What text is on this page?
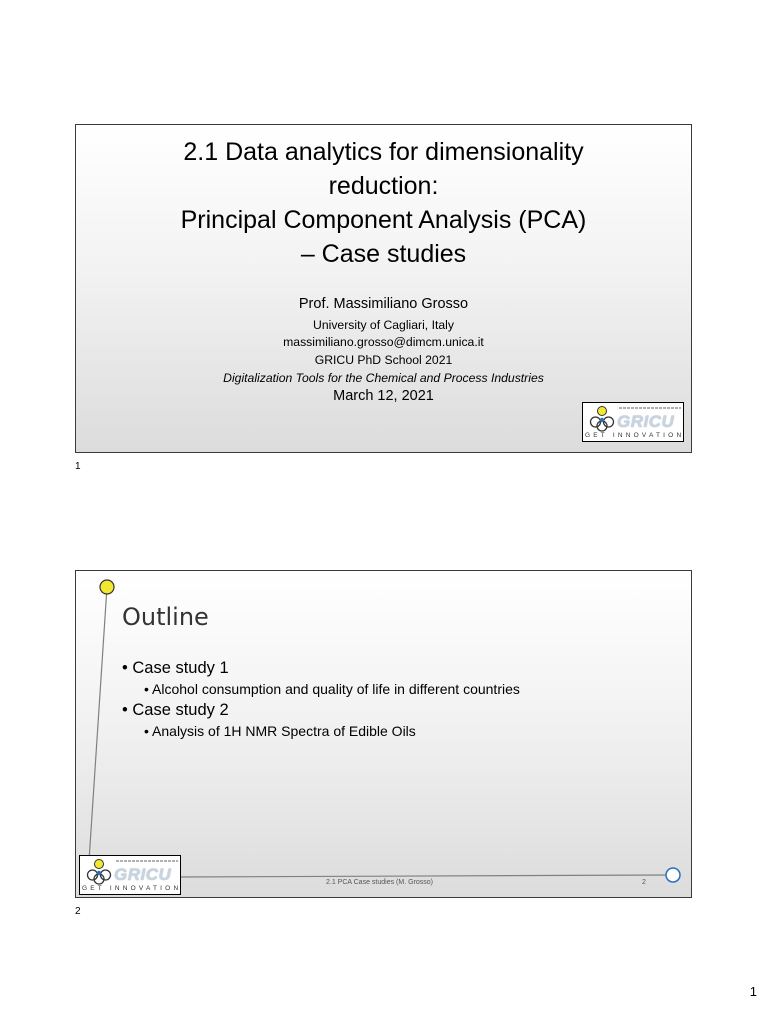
2.1 Data analytics for dimensionality
reduction:
Principal Component Analysis (PCA)
– Case studies
Prof. Massimiliano Grosso
University of Cagliari, Italy
massimiliano.grosso@dimcm.unica.it
GRICU PhD School 2021
Digitalization Tools for the Chemical and Process Industries
March 12, 2021
GRICU
GET INNOVATION
1
Outline

• Case study 1

• Alcohol consumption and quality of life in different countries

• Case study 2

• Analysis of 1H NMR Spectra of Edible Oils

GRICU
GET INNOVATION
2.1 PCA Case studies (M. Grosso)	2
2
1
